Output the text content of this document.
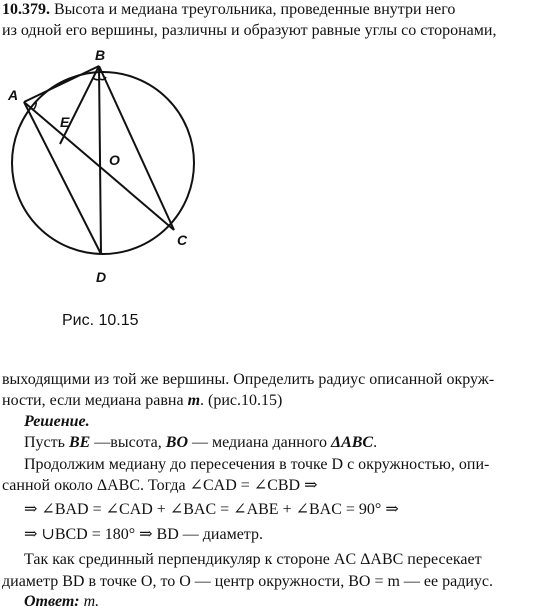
10.379. Высота и медиана треугольника, проведенные внутри него
из одной его вершины, различны и образуют равные углы со сторонами,
A
B
C
D
E
O
Рис. 10.15
выходящими из той же вершины. Определить радиус описанной окруж-
ности, если медиана равна m. (рис.10.15)
Решение.
Пусть BE —высота, BO — медиана данного ΔABC.
Продолжим медиану до пересечения в точке D с окружностью, опи-
санной около ΔABC. Тогда ∠CAD = ∠CBD ⇒
⇒ ∠BAD = ∠CAD + ∠BAC = ∠ABE + ∠BAC = 90° ⇒
⇒ ∪BCD = 180° ⇒ BD — диаметр.
Так как срединный перпендикуляр к стороне AC ΔABC пересекает
диаметр BD в точке O, то O — центр окружности, BO = m — ее радиус.
Ответ: m.
